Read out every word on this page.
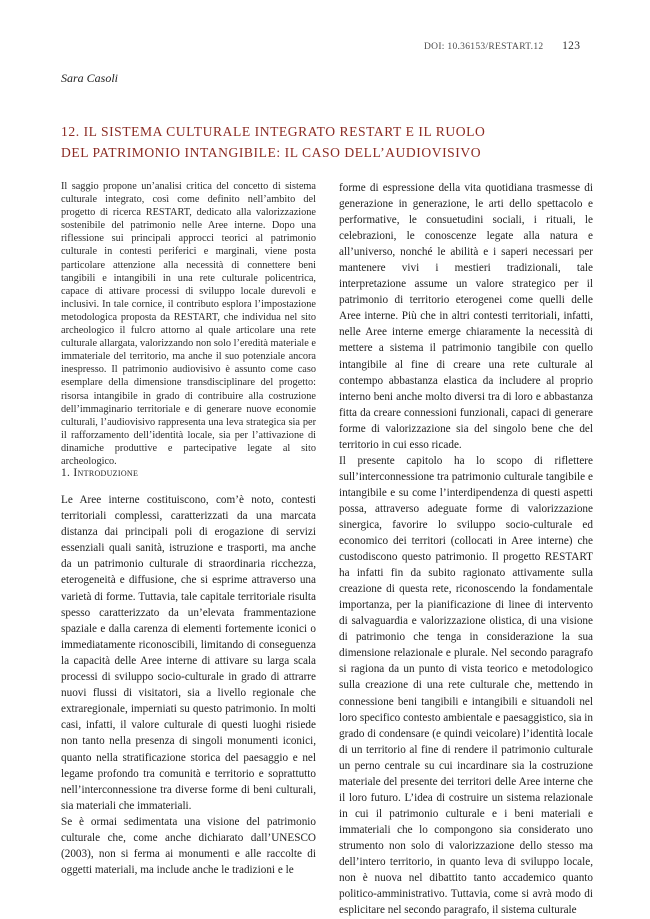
DOI: 10.36153/RESTART.12 123
Sara Casoli
12. IL SISTEMA CULTURALE INTEGRATO RESTART E IL RUOLO
DEL PATRIMONIO INTANGIBILE: IL CASO DELL’AUDIOVISIVO
Il saggio propone un’analisi critica del concetto di sistema culturale integrato, così come definito nell’ambito del progetto di ricerca RESTART, dedicato alla valorizzazione sostenibile del patrimonio nelle Aree interne. Dopo una riflessione sui principali approcci teorici al patrimonio culturale in contesti periferici e marginali, viene posta particolare attenzione alla necessità di connettere beni tangibili e intangibili in una rete culturale policentrica, capace di attivare processi di sviluppo locale durevoli e inclusivi. In tale cornice, il contributo esplora l’impostazione metodologica proposta da RESTART, che individua nel sito archeologico il fulcro attorno al quale articolare una rete culturale allargata, valorizzando non solo l’eredità materiale e immateriale del territorio, ma anche il suo potenziale ancora inespresso. Il patrimonio audiovisivo è assunto come caso esemplare della dimensione transdisciplinare del progetto: risorsa intangibile in grado di contribuire alla costruzione dell’immaginario territoriale e di generare nuove economie culturali, l’audiovisivo rappresenta una leva strategica sia per il rafforzamento dell’identità locale, sia per l’attivazione di dinamiche produttive e partecipative legate al sito archeologico.
1. Introduzione

Le Aree interne costituiscono, com’è noto, contesti territoriali complessi, caratterizzati da una marcata distanza dai principali poli di erogazione di servizi essenziali quali sanità, istruzione e trasporti, ma anche da un patrimonio culturale di straordinaria ricchezza, eterogeneità e diffusione, che si esprime attraverso una varietà di forme. Tuttavia, tale capitale territoriale risulta spesso caratterizzato da un’elevata frammentazione spaziale e dalla carenza di elementi fortemente iconici o immediatamente riconoscibili, limitando di conseguenza la capacità delle Aree interne di attivare su larga scala processi di sviluppo socio-culturale in grado di attrarre nuovi flussi di visitatori, sia a livello regionale che extraregionale, imperniati su questo patrimonio. In molti casi, infatti, il valore culturale di questi luoghi risiede non tanto nella presenza di singoli monumenti iconici, quanto nella stratificazione storica del paesaggio e nel legame profondo tra comunità e territorio e soprattutto nell’interconnessione tra diverse forme di beni culturali, sia materiali che immateriali.

Se è ormai sedimentata una visione del patrimonio culturale che, come anche dichiarato dall’UNESCO (2003), non si ferma ai monumenti e alle raccolte di oggetti materiali, ma include anche le tradizioni e le

forme di espressione della vita quotidiana trasmesse di generazione in generazione, le arti dello spettacolo e performative, le consuetudini sociali, i rituali, le celebrazioni, le conoscenze legate alla natura e all’universo, nonché le abilità e i saperi necessari per mantenere vivi i mestieri tradizionali, tale interpretazione assume un valore strategico per il patrimonio di territorio eterogenei come quelli delle Aree interne. Più che in altri contesti territoriali, infatti, nelle Aree interne emerge chiaramente la necessità di mettere a sistema il patrimonio tangibile con quello intangibile al fine di creare una rete culturale al contempo abbastanza elastica da includere al proprio interno beni anche molto diversi tra di loro e abbastanza fitta da creare connessioni funzionali, capaci di generare forme di valorizzazione sia del singolo bene che del territorio in cui esso ricade.

Il presente capitolo ha lo scopo di riflettere sull’interconnessione tra patrimonio culturale tangibile e intangibile e su come l’interdipendenza di questi aspetti possa, attraverso adeguate forme di valorizzazione sinergica, favorire lo sviluppo socio-culturale ed economico dei territori (collocati in Aree interne) che custodiscono questo patrimonio. Il progetto RESTART ha infatti fin da subito ragionato attivamente sulla creazione di questa rete, riconoscendo la fondamentale importanza, per la pianificazione di linee di intervento di salvaguardia e valorizzazione olistica, di una visione di patrimonio che tenga in considerazione la sua dimensione relazionale e plurale. Nel secondo paragrafo si ragiona da un punto di vista teorico e metodologico sulla creazione di una rete culturale che, mettendo in connessione beni tangibili e intangibili e situandoli nel loro specifico contesto ambientale e paesaggistico, sia in grado di condensare (e quindi veicolare) l’identità locale di un territorio al fine di rendere il patrimonio culturale un perno centrale su cui incardinare sia la costruzione materiale del presente dei territori delle Aree interne che il loro futuro. L’idea di costruire un sistema relazionale in cui il patrimonio culturale e i beni materiali e immateriali che lo compongono sia considerato uno strumento non solo di valorizzazione dello stesso ma dell’intero territorio, in quanto leva di sviluppo locale, non è nuova nel dibattito tanto accademico quanto politico-amministrativo. Tuttavia, come si avrà modo di esplicitare nel secondo paragrafo, il sistema culturale
